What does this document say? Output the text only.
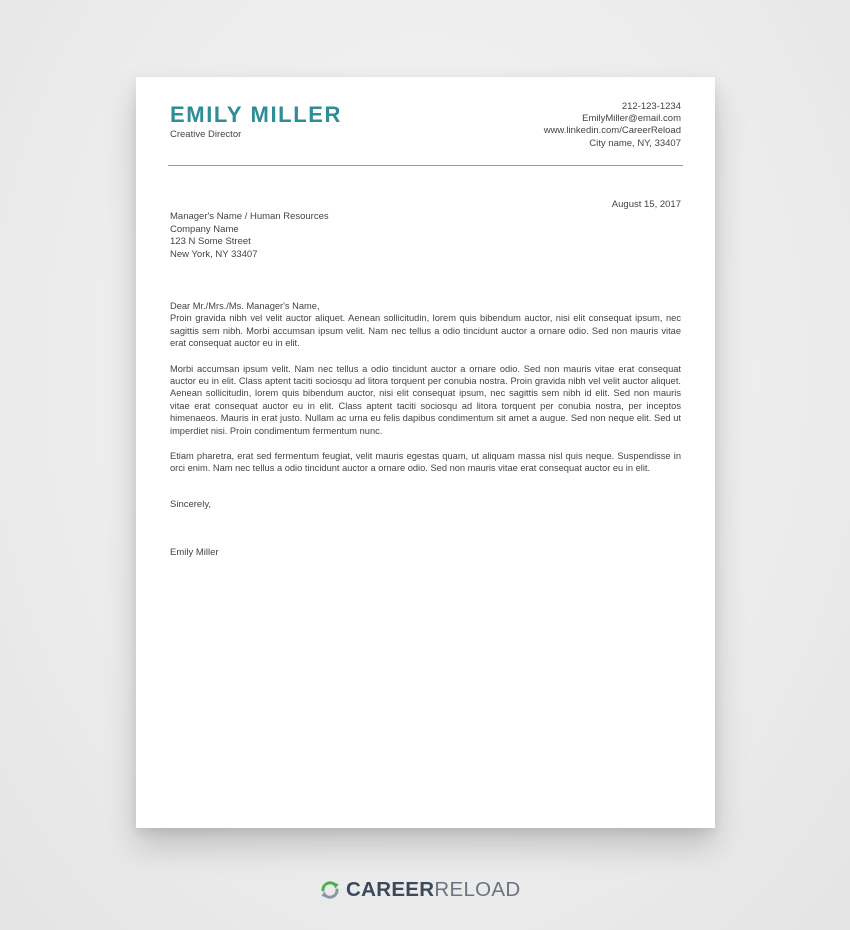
EMILY MILLER
Creative Director
212-123-1234
EmilyMiller@email.com
www.linkedin.com/CareerReload
City name, NY, 33407
August 15, 2017
Manager's Name / Human Resources
Company Name
123 N Some Street
New York, NY 33407
Dear Mr./Mrs./Ms. Manager's Name,

Proin gravida nibh vel velit auctor aliquet. Aenean sollicitudin, lorem quis bibendum auctor, nisi elit consequat ipsum, nec sagittis sem nibh. Morbi accumsan ipsum velit. Nam nec tellus a odio tincidunt auctor a ornare odio. Sed non mauris vitae erat consequat auctor eu in elit.

Morbi accumsan ipsum velit. Nam nec tellus a odio tincidunt auctor a ornare odio. Sed non mauris vitae erat consequat auctor eu in elit. Class aptent taciti sociosqu ad litora torquent per conubia nostra. Proin gravida nibh vel velit auctor aliquet. Aenean sollicitudin, lorem quis bibendum auctor, nisi elit consequat ipsum, nec sagittis sem nibh id elit. Sed non mauris vitae erat consequat auctor eu in elit. Class aptent taciti sociosqu ad litora torquent per conubia nostra, per inceptos himenaeos. Mauris in erat justo. Nullam ac urna eu felis dapibus condimentum sit amet a augue. Sed non neque elit. Sed ut imperdiet nisi. Proin condimentum fermentum nunc.

Etiam pharetra, erat sed fermentum feugiat, velit mauris egestas quam, ut aliquam massa nisl quis neque. Suspendisse in orci enim. Nam nec tellus a odio tincidunt auctor a ornare odio. Sed non mauris vitae erat consequat auctor eu in elit.

Sincerely,
Emily Miller
CAREERRELOAD
